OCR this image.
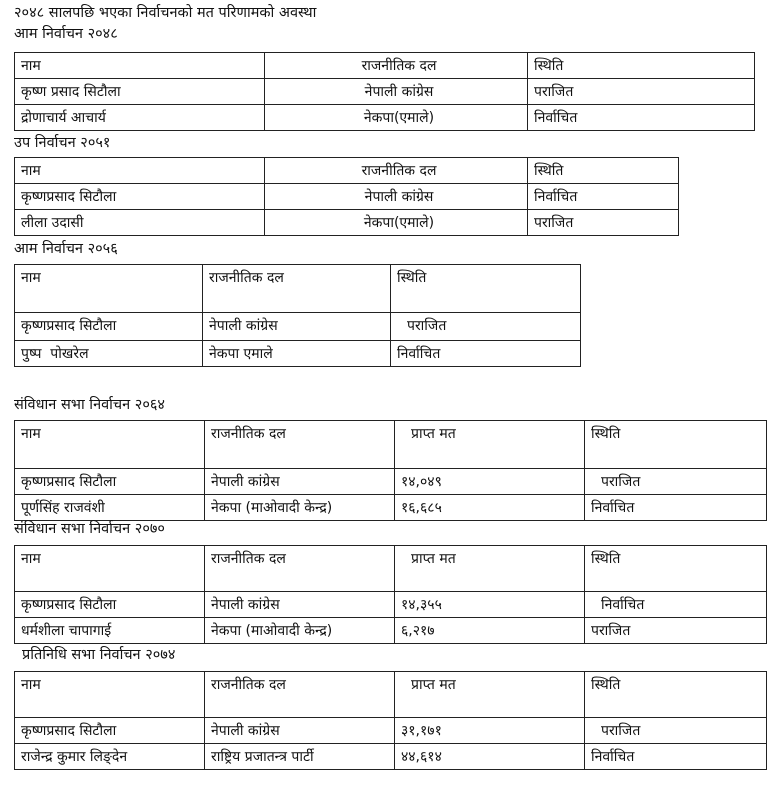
२०४८ सालपछि भएका निर्वाचनको मत परिणामको अवस्था
आम निर्वाचन २०४८
नाम	राजनीतिक दल	स्थिति
कृष्ण प्रसाद सिटौला	नेपाली कांग्रेस	पराजित
द्रोणाचार्य आचार्य	नेकपा(एमाले)	निर्वाचित
उप निर्वाचन २०५१
नाम	राजनीतिक दल	स्थिति
कृष्णप्रसाद सिटौला	नेपाली कांग्रेस	निर्वाचित
लीला उदासी	नेकपा(एमाले)	पराजित
आम निर्वाचन २०५६
नाम	राजनीतिक दल	स्थिति
कृष्णप्रसाद सिटौला	नेपाली कांग्रेस	पराजित
पुष्प  पोखरेल	नेकपा एमाले	निर्वाचित
संविधान सभा निर्वाचन २०६४
नाम	राजनीतिक दल	प्राप्त मत	स्थिति
कृष्णप्रसाद सिटौला	नेपाली कांग्रेस	१४,०४९	पराजित
पूर्णसिंह राजवंशी	नेकपा (माओवादी केन्द्र)	१६,६८५	निर्वाचित
संविधान सभा निर्वाचन २०७०
नाम	राजनीतिक दल	प्राप्त मत	स्थिति
कृष्णप्रसाद सिटौला	नेपाली कांग्रेस	१४,३५५	निर्वाचित
धर्मशीला चापागाई	नेकपा (माओवादी केन्द्र)	६,२१७	पराजित
प्रतिनिधि सभा निर्वाचन २०७४
नाम	राजनीतिक दल	प्राप्त मत	स्थिति
कृष्णप्रसाद सिटौला	नेपाली कांग्रेस	३१,१७१	पराजित
राजेन्द्र कुमार लिङ्देन	राष्ट्रिय प्रजातन्त्र पार्टी	४४,६१४	निर्वाचित
